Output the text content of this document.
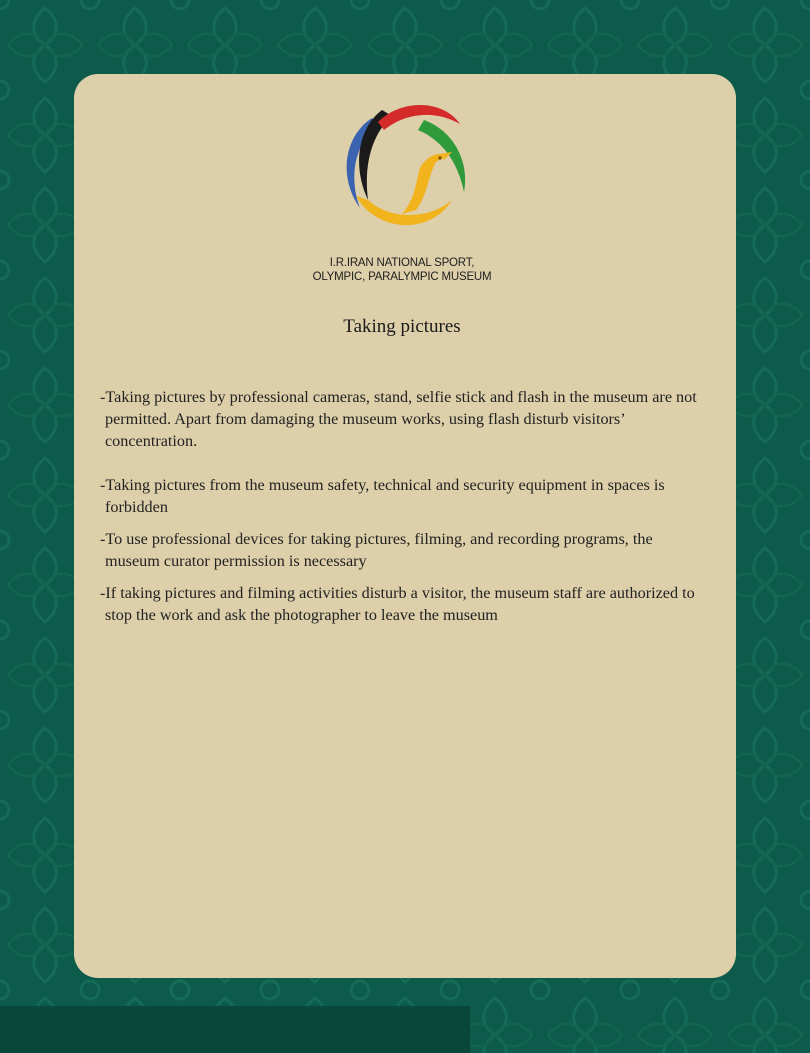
I.R.IRAN NATIONAL SPORT,
OLYMPIC, PARALYMPIC MUSEUM
Taking pictures
-Taking pictures by professional cameras, stand, selfie stick and flash in the museum are not permitted. Apart from damaging the museum works, using flash disturb visitors’ concentration.
-Taking pictures from the museum safety, technical and security equipment in spaces is forbidden
-To use professional devices for taking pictures, filming, and recording programs, the museum curator permission is necessary
-If taking pictures and filming activities disturb a visitor, the museum staff are authorized to stop the work and ask the photographer to leave the museum
